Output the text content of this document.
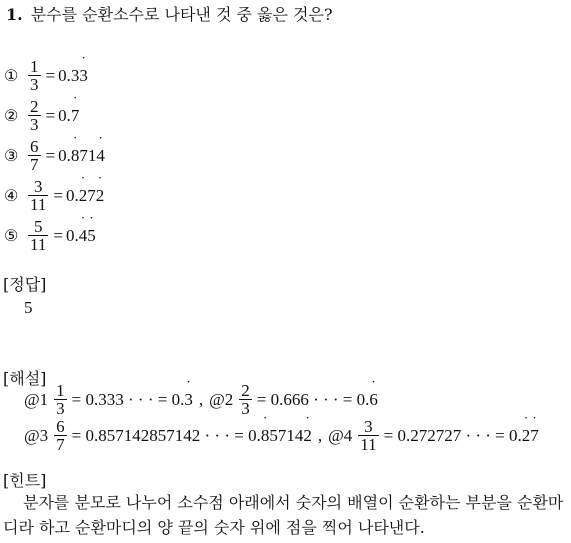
1. 분수를 순환소수로 나타낸 것 중 옳은 것은?
① $\frac{1}{3} = 0.3$ 3 ˙
② $\frac{2}{3} = 0$. 7 ˙
③ $\frac{6}{7} = 0$. 8 ˙ 71 4 ˙
④ $\frac{3}{11} = 0$. 2 ˙ 7 2 ˙
⑤ $\frac{5}{11} = 0$. 4 ˙ 5 ˙
[정답]
5
[해설]
@1 $\frac{1}{3} = 0.333$ · · · = 0. 3 ˙ , @2 $\frac{2}{3} = 0.666$ · · · = 0. 6 ˙
@3 $\frac{6}{7} = 0.857142857142$ · · · = 0. 8 ˙ 5714 2 ˙ , @4 $\frac{3}{11} = 0.272727$ · · · = 0. 2 ˙ 7 ˙
[힌트]
분자를 분모로 나누어 소수점 아래에서 숫자의 배열이 순환하는 부분을 순환마디라 하고 순환마디의 양 끝의 숫자 위에 점을 찍어 나타낸다.
